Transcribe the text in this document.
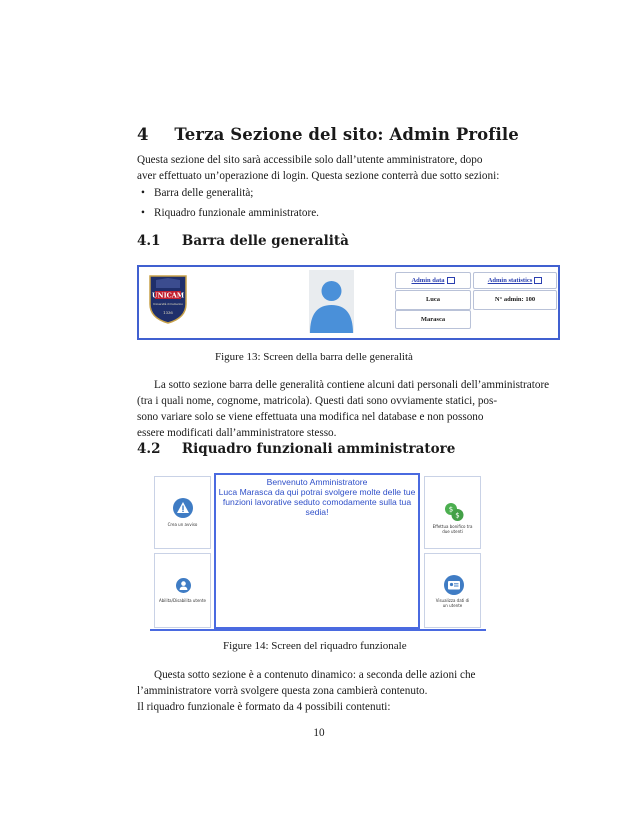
4 Terza Sezione del sito: Admin Profile
Questa sezione del sito sarà accessibile solo dall’utente amministratore, dopo
aver effettuato un’operazione di login. Questa sezione conterrà due sotto sezioni:
• Barra delle generalità;
• Riquadro funzionale amministratore.
4.1 Barra delle generalità
UNICAM
Università di Camerino
1336
Admin data	Admin statistics
Luca	N° admin: 100
Marasca
Figure 13: Screen della barra delle generalità
La sotto sezione barra delle generalità contiene alcuni dati personali dell’amministratore
(tra i quali nome, cognome, matricola). Questi dati sono ovviamente statici, pos-
sono variare solo se viene effettuata una modifica nel database e non possono
essere modificati dall’amministratore stesso.
4.2 Riquadro funzionali amministratore
Crea un avviso
Abilita/Disabilita utente
Benvenuto Amministratore
Luca Marasca da qui potrai svolgere molte delle tue
funzioni lavorative seduto comodamente sulla tua
sedia!	$
$
Effettua bonifico tra
due utenti
Visualizza dati di
un utente
Figure 14: Screen del riquadro funzionale
Questa sotto sezione è a contenuto dinamico: a seconda delle azioni che
l’amministratore vorrà svolgere questa zona cambierà contenuto.
Il riquadro funzionale è formato da 4 possibili contenuti:
10
